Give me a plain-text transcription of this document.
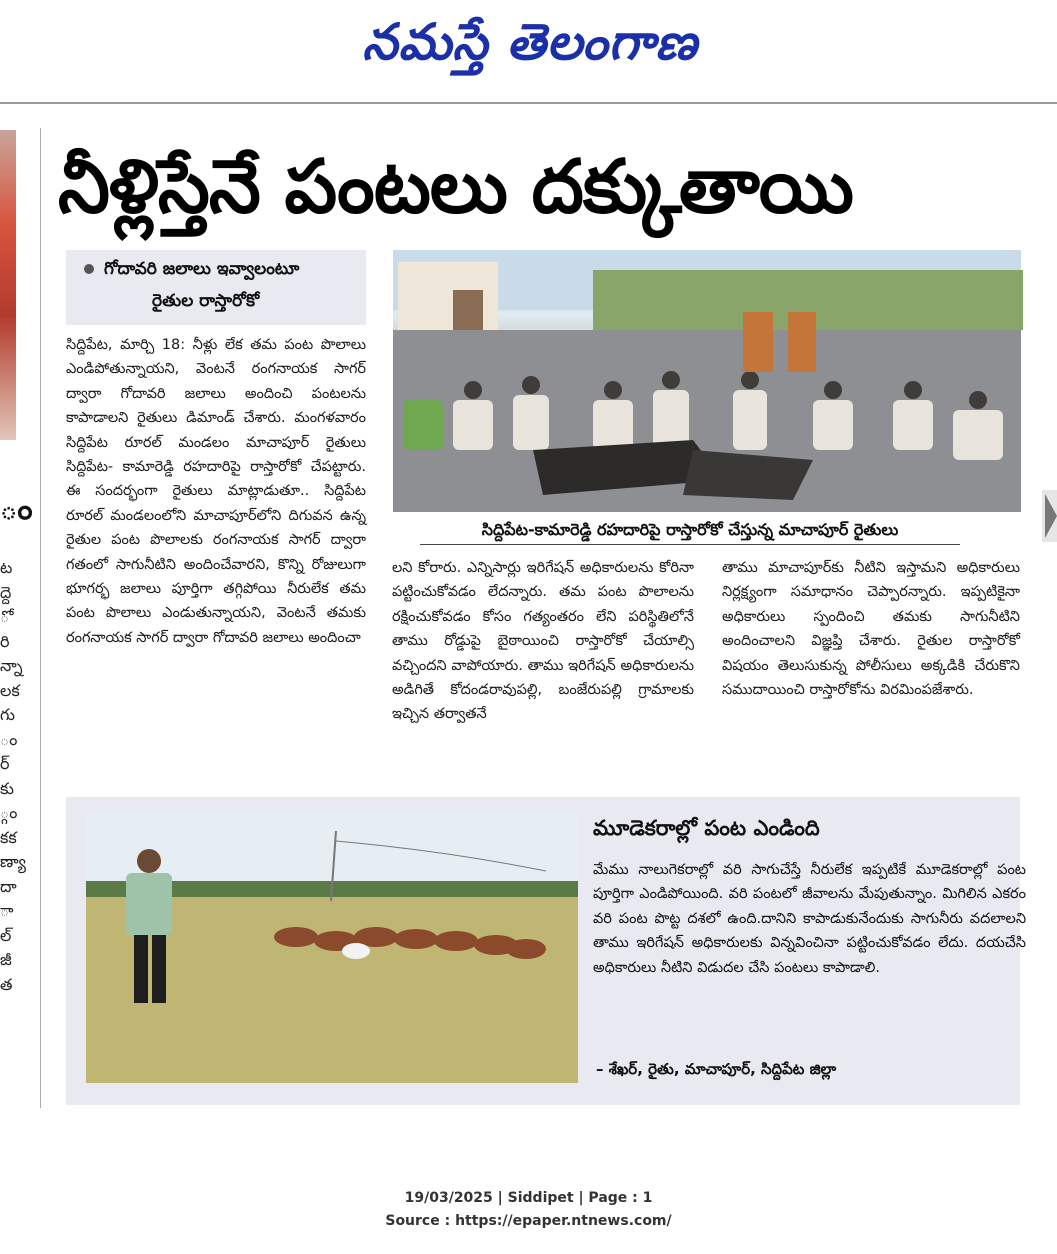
నమస్తే తెలంగాణ
ం
ట
ద్దె
ో
రి
న్నా
లక
గు
ం
ర్
కు
్గం
కక
ణ్యా
దా
ా
ల్
జీ
త
నీళ్లిస్తేనే పంటలు దక్కుతాయి
గోదావరి జలాలు ఇవ్వాలంటూ
రైతుల రాస్తారోకో
సిద్దిపేట, మార్చి 18: నీళ్లు లేక తమ పంట పొలాలు ఎండిపోతున్నాయని, వెంటనే రంగనాయక సాగర్ ద్వారా గోదావరి జలాలు అందించి పంటలను కాపాడాలని రైతులు డిమాండ్ చేశారు. మంగళవారం సిద్దిపేట రూరల్ మండలం మాచాపూర్ రైతులు సిద్దిపేట- కామారెడ్డి రహదారిపై రాస్తారోకో చేపట్టారు. ఈ సందర్భంగా రైతులు మాట్లాడుతూ.. సిద్దిపేట రూరల్ మండలంలోని మాచాపూర్‌లోని దిగువన ఉన్న రైతుల పంట పొలాలకు రంగనాయక సాగర్ ద్వారా గతంలో సాగునీటిని అందించేవారని, కొన్ని రోజులుగా భూగర్భ జలాలు పూర్తిగా తగ్గిపోయి నీరులేక తమ పంట పొలాలు ఎండుతున్నాయని, వెంటనే తమకు రంగనాయక సాగర్ ద్వారా గోదావరి జలాలు అందించా
సిద్దిపేట-కామారెడ్డి రహదారిపై రాస్తారోకో చేస్తున్న మాచాపూర్ రైతులు
లని కోరారు. ఎన్నిసార్లు ఇరిగేషన్ అధికారులను కోరినా పట్టించుకోవడం లేదన్నారు. తమ పంట పొలాలను రక్షించుకోవడం కోసం గత్యంతరం లేని పరిస్థితిలోనే తాము రోడ్డుపై బైఠాయించి రాస్తారోకో చేయాల్సి వచ్చిందని వాపోయారు. తాము ఇరిగేషన్ అధికారులను అడిగితే కోదండరావుపల్లి, బంజేరుపల్లి గ్రామాలకు ఇచ్చిన తర్వాతనే
తాము మాచాపూర్‌కు నీటిని ఇస్తామని అధికారులు నిర్లక్ష్యంగా సమాధానం చెప్పారన్నారు. ఇప్పటికైనా అధికారులు స్పందించి తమకు సాగునీటిని అందించాలని విజ్ఞప్తి చేశారు. రైతుల రాస్తారోకో విషయం తెలుసుకున్న పోలీసులు అక్కడికి చేరుకొని సముదాయించి రాస్తారోకోను విరమింపజేశారు.
మూడెకరాల్లో పంట ఎండింది
మేము నాలుగెకరాల్లో వరి సాగుచేస్తే నీరులేక ఇప్పటికే మూడెకరాల్లో పంట పూర్తిగా ఎండిపోయింది. వరి పంటలో జీవాలను మేపుతున్నాం. మిగిలిన ఎకరం వరి పంట పొట్ట దశలో ఉంది.దానిని కాపాడుకునేందుకు సాగునీరు వదలాలని తాము ఇరిగేషన్ అధికారులకు విన్నవించినా పట్టించుకోవడం లేదు. దయచేసి అధికారులు నీటిని విడుదల చేసి పంటలు కాపాడాలి.
– శేఖర్, రైతు, మాచాపూర్, సిద్దిపేట జిల్లా
19/03/2025 | Siddipet | Page : 1
Source : https://epaper.ntnews.com/
